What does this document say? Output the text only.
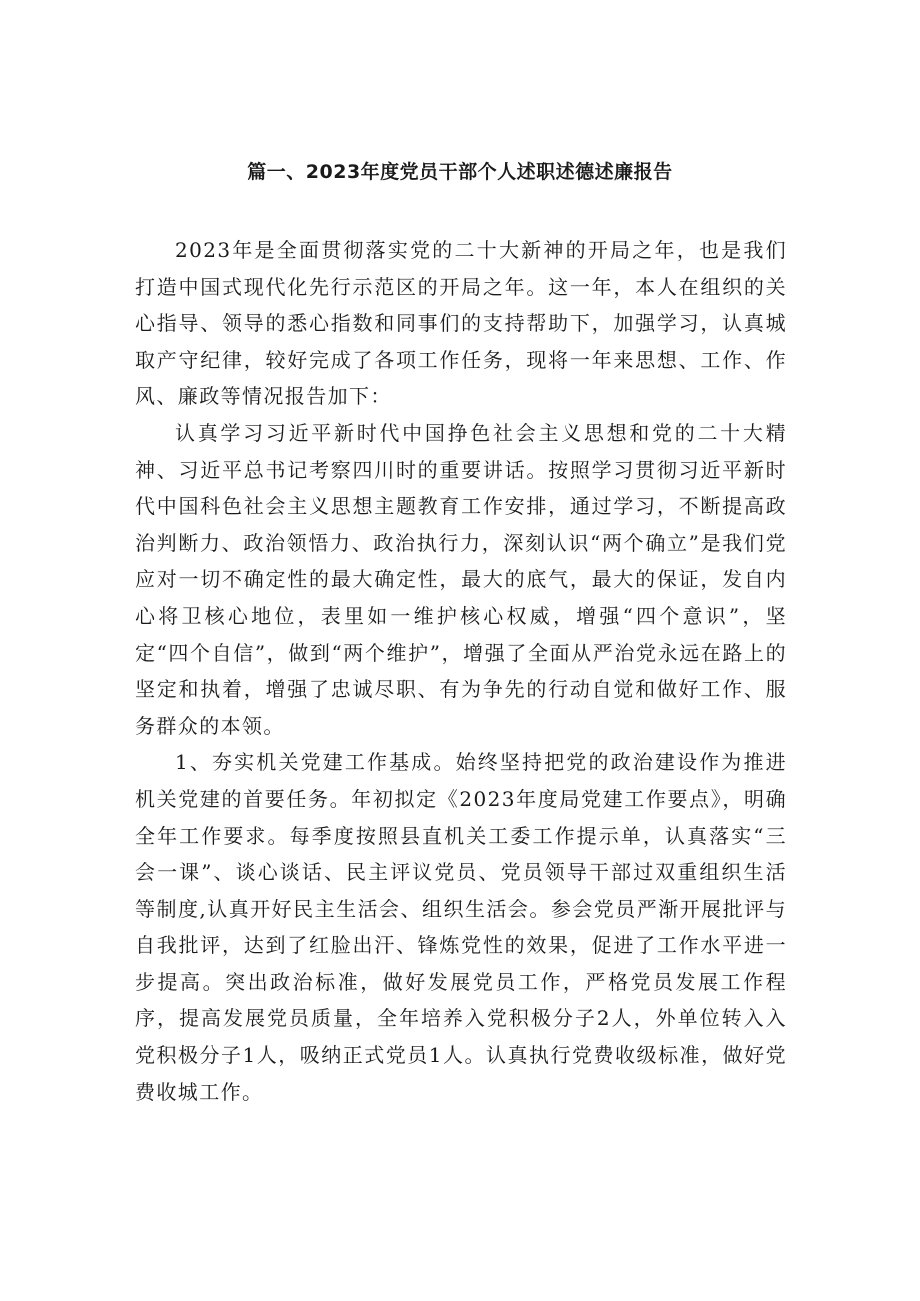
篇一、2023年度党员干部个人述职述德述廉报告

2023年是全面贯彻落实党的二十大新神的开局之年，也是我们打造中国式现代化先行示范区的开局之年。这一年，本人在组织的关心指导、领导的悉心指数和同事们的支持帮助下，加强学习，认真城取产守纪律，较好完成了各项工作任务，现将一年来思想、工作、作风、廉政等情况报告加下：

认真学习习近平新时代中国挣色社会主义思想和党的二十大精神、习近平总书记考察四川时的重要讲话。按照学习贯彻习近平新时代中国科色社会主义思想主题教育工作安排，通过学习，不断提高政治判断力、政治领悟力、政治执行力，深刻认识“两个确立”是我们党应对一切不确定性的最大确定性，最大的底气，最大的保证，发自内心将卫核心地位，表里如一维护核心权威，增强“四个意识”，坚定“四个自信”，做到“两个维护”，增强了全面从严治党永远在路上的坚定和执着，增强了忠诚尽职、有为争先的行动自觉和做好工作、服务群众的本领。

1、夯实机关党建工作基成。始终坚持把党的政治建设作为推进机关党建的首要任务。年初拟定《2023年度局党建工作要点》，明确全年工作要求。每季度按照县直机关工委工作提示单，认真落实“三会一课”、谈心谈话、民主评议党员、党员领导干部过双重组织生活等制度,认真开好民主生活会、组织生活会。参会党员严渐开展批评与自我批评，达到了红脸出汗、锋炼党性的效果，促进了工作水平进一步提高。突出政治标准，做好发展党员工作，严格党员发展工作程序，提高发展党员质量，全年培养入党积极分子2人，外单位转入入党积极分子1人，吸纳正式党员1人。认真执行党费收级标准，做好党费收城工作。
